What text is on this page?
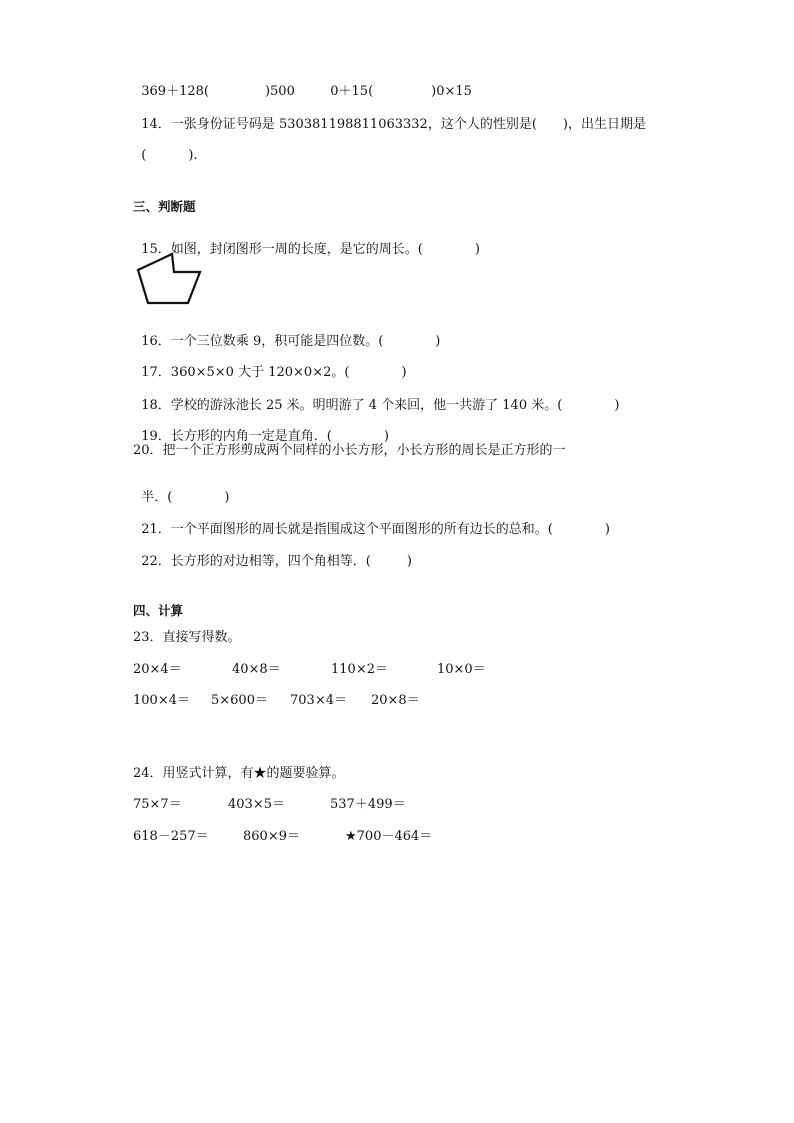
369＋128(	)500	0＋15(	)0×15

14．一张身份证号码是 530381198811063332，这个人的性别是( )，出生日期是

(	).

三、判断题

15．如图，封闭图形一周的长度，是它的周长。(	)

16．一个三位数乘 9，积可能是四位数。(	)

17．360×5×0 大于 120×0×2。(	)

18．学校的游泳池长 25 米。明明游了 4 个来回，他一共游了 140 米。(	)

19．长方形的内角一定是直角．(	)

20．把一个正方形剪成两个同样的小长方形，小长方形的周长是正方形的一

半．(	)

21．一个平面图形的周长就是指围成这个平面图形的所有边长的总和。(	)

22．长方形的对边相等，四个角相等．(	)

四、计算
23．直接写得数。
20×4＝	40×8＝	110×2＝	10×0＝
100×4＝ 5×600＝ 703×4＝ 20×8＝
24．用竖式计算，有★的题要验算。
75×7＝	403×5＝	537＋499＝
618－257＝	860×9＝	★700－464＝
